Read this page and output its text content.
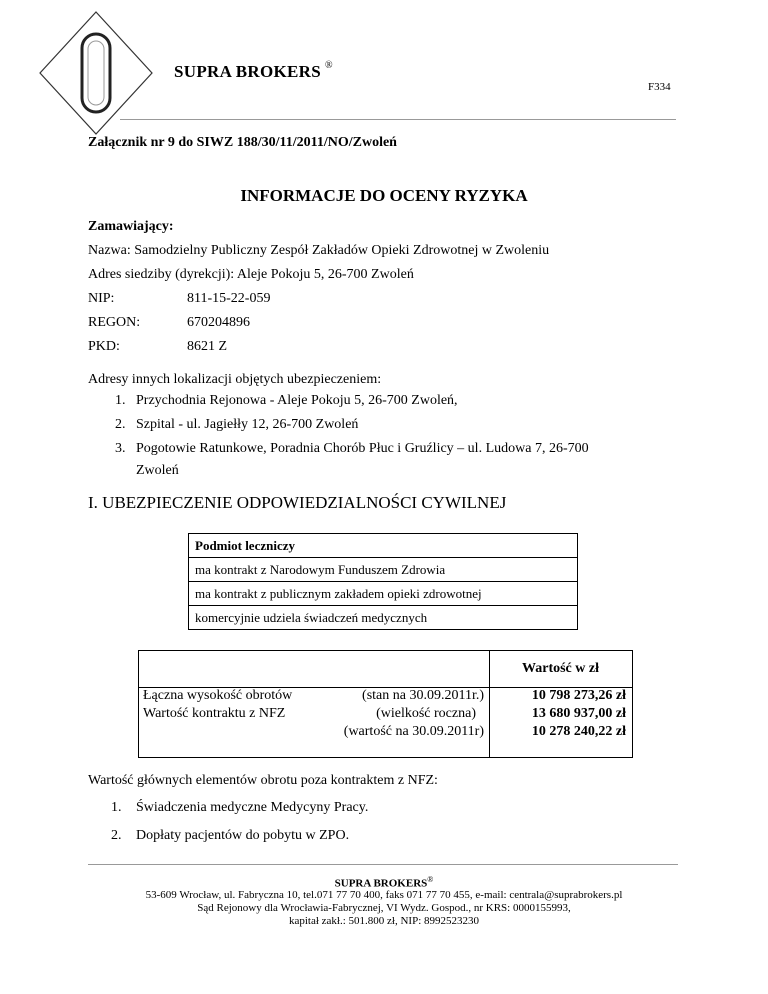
SUPRA BROKERS ®
F334
Załącznik nr 9 do SIWZ 188/30/11/2011/NO/Zwoleń
INFORMACJE DO OCENY RYZYKA
Zamawiający:
Nazwa: Samodzielny Publiczny Zespół Zakładów Opieki Zdrowotnej w Zwoleniu
Adres siedziby (dyrekcji): Aleje Pokoju 5, 26-700 Zwoleń
NIP:	811-15-22-059
REGON:	670204896
PKD:	8621 Z
Adresy innych lokalizacji objętych ubezpieczeniem:
1. Przychodnia Rejonowa - Aleje Pokoju 5, 26-700 Zwoleń,
2. Szpital - ul. Jagiełły 12, 26-700 Zwoleń
3. Pogotowie Ratunkowe, Poradnia Chorób Płuc i Gruźlicy – ul. Ludowa 7, 26-700
Zwoleń
I. UBEZPIECZENIE ODPOWIEDZIALNOŚCI CYWILNEJ
Podmiot leczniczy
ma kontrakt z Narodowym Funduszem Zdrowia
ma kontrakt z publicznym zakładem opieki zdrowotnej
komercyjnie udziela świadczeń medycznych
Wartość w zł
Łączna wysokość obrotów	(stan na 30.09.2011r.)	10 798 273,26 zł
Wartość kontraktu z NFZ	(wielkość roczna)	13 680 937,00 zł
(wartość na 30.09.2011r)	10 278 240,22 zł
Wartość głównych elementów obrotu poza kontraktem z NFZ:
1. Świadczenia medyczne Medycyny Pracy.
2. Dopłaty pacjentów do pobytu w ZPO.
SUPRA BROKERS®
53-609 Wrocław, ul. Fabryczna 10, tel.071 77 70 400, faks 071 77 70 455, e-mail: centrala@suprabrokers.pl
Sąd Rejonowy dla Wrocławia-Fabrycznej, VI Wydz. Gospod., nr KRS: 0000155993,
kapitał zakł.: 501.800 zł, NIP: 8992523230
